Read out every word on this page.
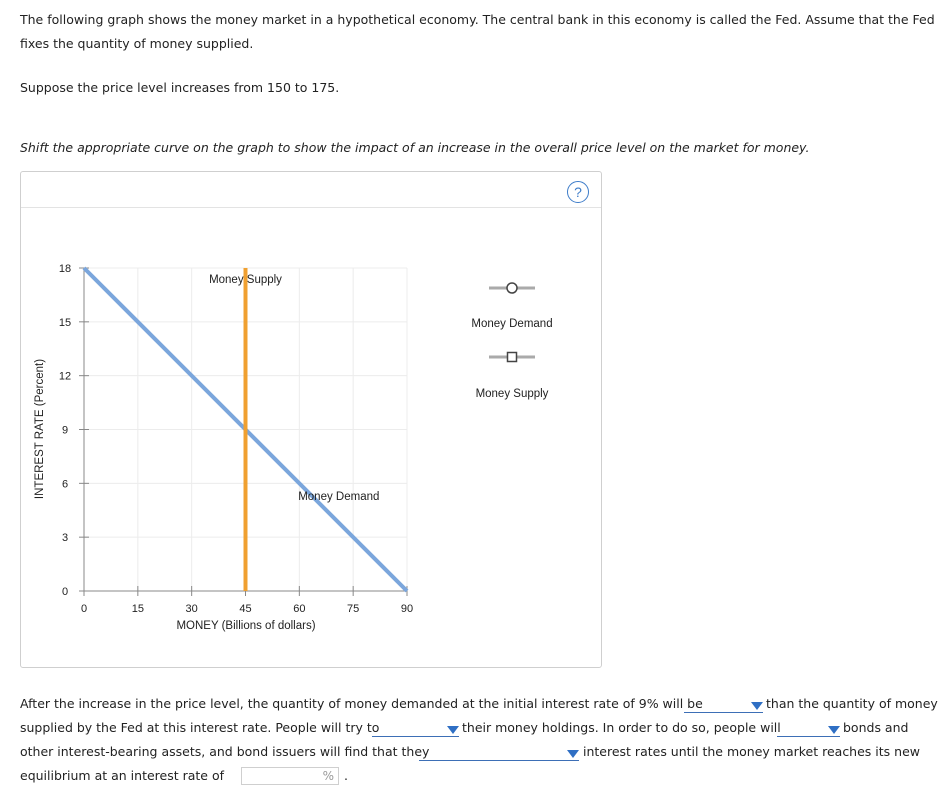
The following graph shows the money market in a hypothetical economy. The central bank in this economy is called the Fed. Assume that the Fed fixes the quantity of money supplied.
Suppose the price level increases from 150 to 175.
Shift the appropriate curve on the graph to show the impact of an increase in the overall price level on the market for money.
?
0	15	30	45	60	75	90
0
3
6
9
12
15
18
MONEY (Billions of dollars)
INTEREST RATE (Percent)
Money Supply
Money Demand
Money Demand
Money Supply
After the increase in the price level, the quantity of money demanded at the initial interest rate of 9% will be	than the quantity of money
supplied by the Fed at this interest rate. People will try to	their money holdings. In order to do so, people will	bonds and
other interest-bearing assets, and bond issuers will find that they	interest rates until the money market reaches its new
equilibrium at an interest rate of	% .
